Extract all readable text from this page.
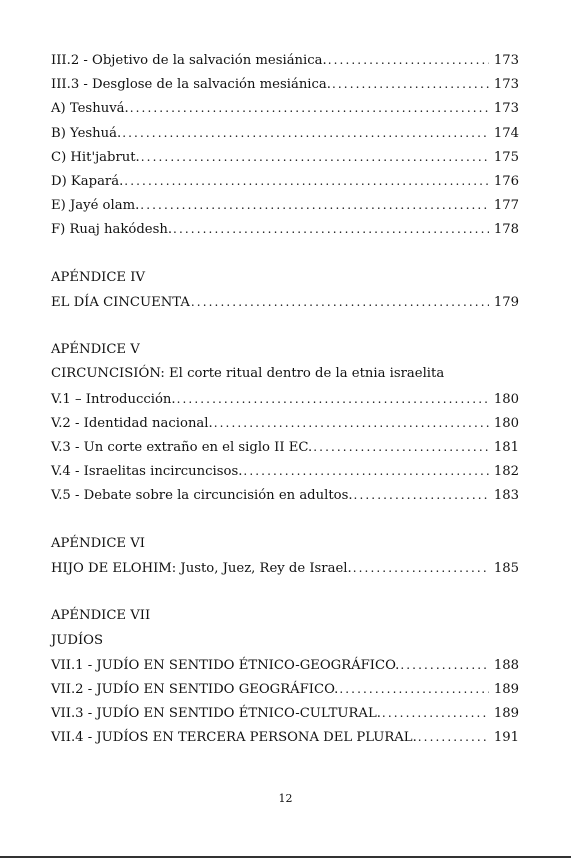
III.2 - Objetivo de la salvación mesiánica. .....	173
III.3 - Desglose de la salvación mesiánica. .....	173
A) Teshuvá. .....	173
B) Yeshuá. .....	174
C) Hit'jabrut. .....	175
D) Kapará. .....	176
E) Jayé olam. .....	177
F) Ruaj hakódesh. .....	178
APÉNDICE IV
EL DÍA CINCUENTA .....	179
APÉNDICE V
CIRCUNCISIÓN: El corte ritual dentro de la etnia israelita
V.1 – Introducción. .....	180
V.2 - Identidad nacional. .....	180
V.3 - Un corte extraño en el siglo II EC. .....	181
V.4 - Israelitas incircuncisos. .....	182
V.5 - Debate sobre la circuncisión en adultos. .....	183
APÉNDICE VI
HIJO DE ELOHIM: Justo, Juez, Rey de Israel. .....	185
APÉNDICE VII
JUDÍOS
VII.1 - JUDÍO EN SENTIDO ÉTNICO-GEOGRÁFICO. .....	188
VII.2 - JUDÍO EN SENTIDO GEOGRÁFICO. .....	189
VII.3 - JUDÍO EN SENTIDO ÉTNICO-CULTURAL. .....	189
VII.4 - JUDÍOS EN TERCERA PERSONA DEL PLURAL. .....	191
12
